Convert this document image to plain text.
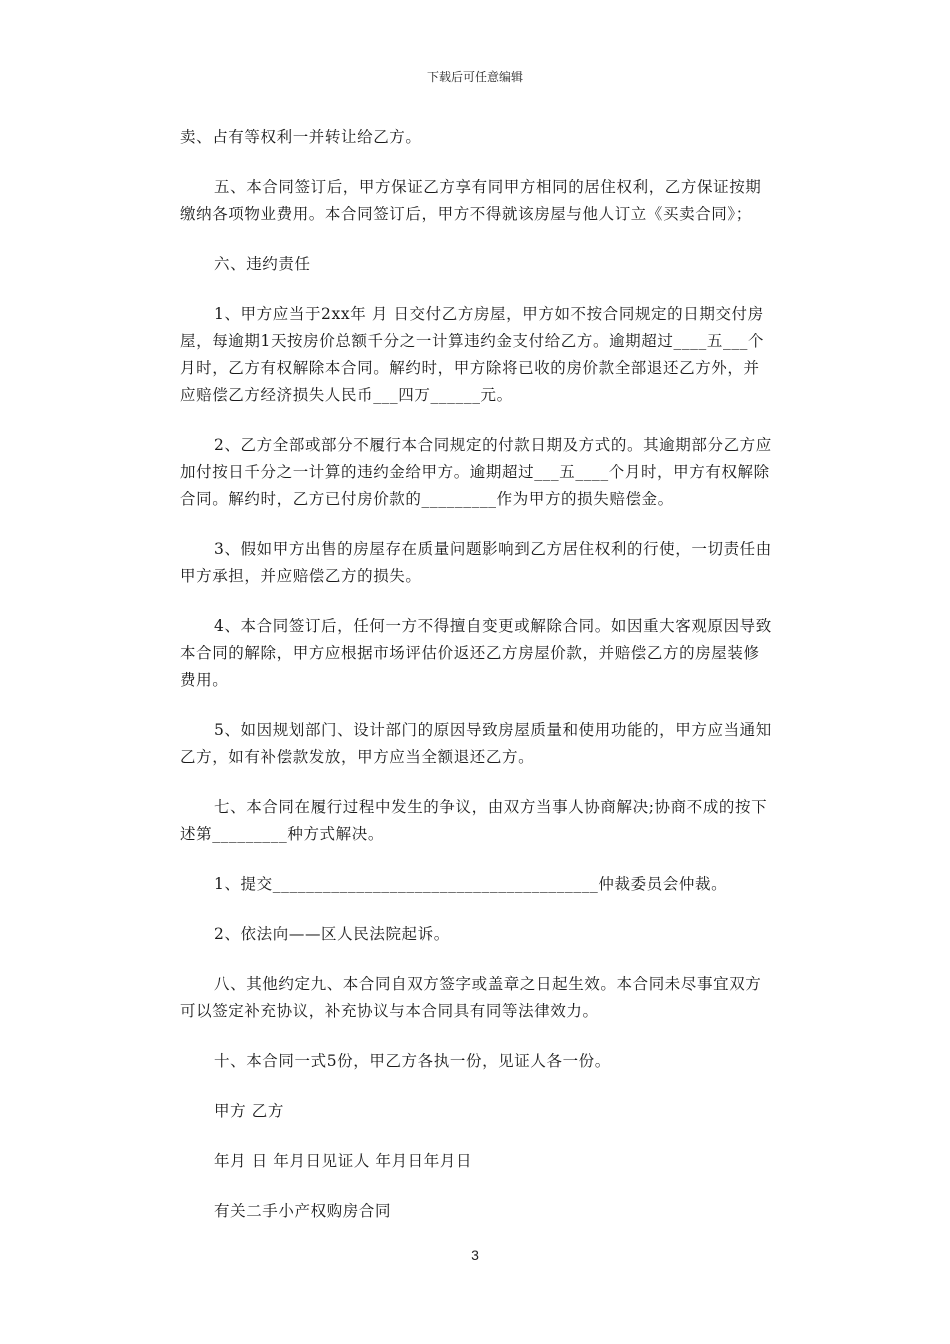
下载后可任意编辑

卖、占有等权利一并转让给乙方。

五、本合同签订后，甲方保证乙方享有同甲方相同的居住权利，乙方保证按期缴纳各项物业费用。本合同签订后，甲方不得就该房屋与他人订立《买卖合同》；

六、违约责任

1、甲方应当于2xx年 月 日交付乙方房屋，甲方如不按合同规定的日期交付房屋，每逾期1天按房价总额千分之一计算违约金支付给乙方。逾期超过____五___个月时，乙方有权解除本合同。解约时，甲方除将已收的房价款全部退还乙方外，并应赔偿乙方经济损失人民币___四万______元。

2、乙方全部或部分不履行本合同规定的付款日期及方式的。其逾期部分乙方应加付按日千分之一计算的违约金给甲方。逾期超过___五____个月时，甲方有权解除合同。解约时，乙方已付房价款的_________作为甲方的损失赔偿金。

3、假如甲方出售的房屋存在质量问题影响到乙方居住权利的行使，一切责任由甲方承担，并应赔偿乙方的损失。

4、本合同签订后，任何一方不得擅自变更或解除合同。如因重大客观原因导致本合同的解除，甲方应根据市场评估价返还乙方房屋价款，并赔偿乙方的房屋装修费用。

5、如因规划部门、设计部门的原因导致房屋质量和使用功能的，甲方应当通知乙方，如有补偿款发放，甲方应当全额退还乙方。

七、本合同在履行过程中发生的争议，由双方当事人协商解决;协商不成的按下述第_________种方式解决。

1、提交_______________________________________仲裁委员会仲裁。

2、依法向——区人民法院起诉。

八、其他约定九、本合同自双方签字或盖章之日起生效。本合同未尽事宜双方可以签定补充协议，补充协议与本合同具有同等法律效力。

十、本合同一式5份，甲乙方各执一份，见证人各一份。

甲方 乙方

年月 日 年月日见证人 年月日年月日

有关二手小产权购房合同

3
